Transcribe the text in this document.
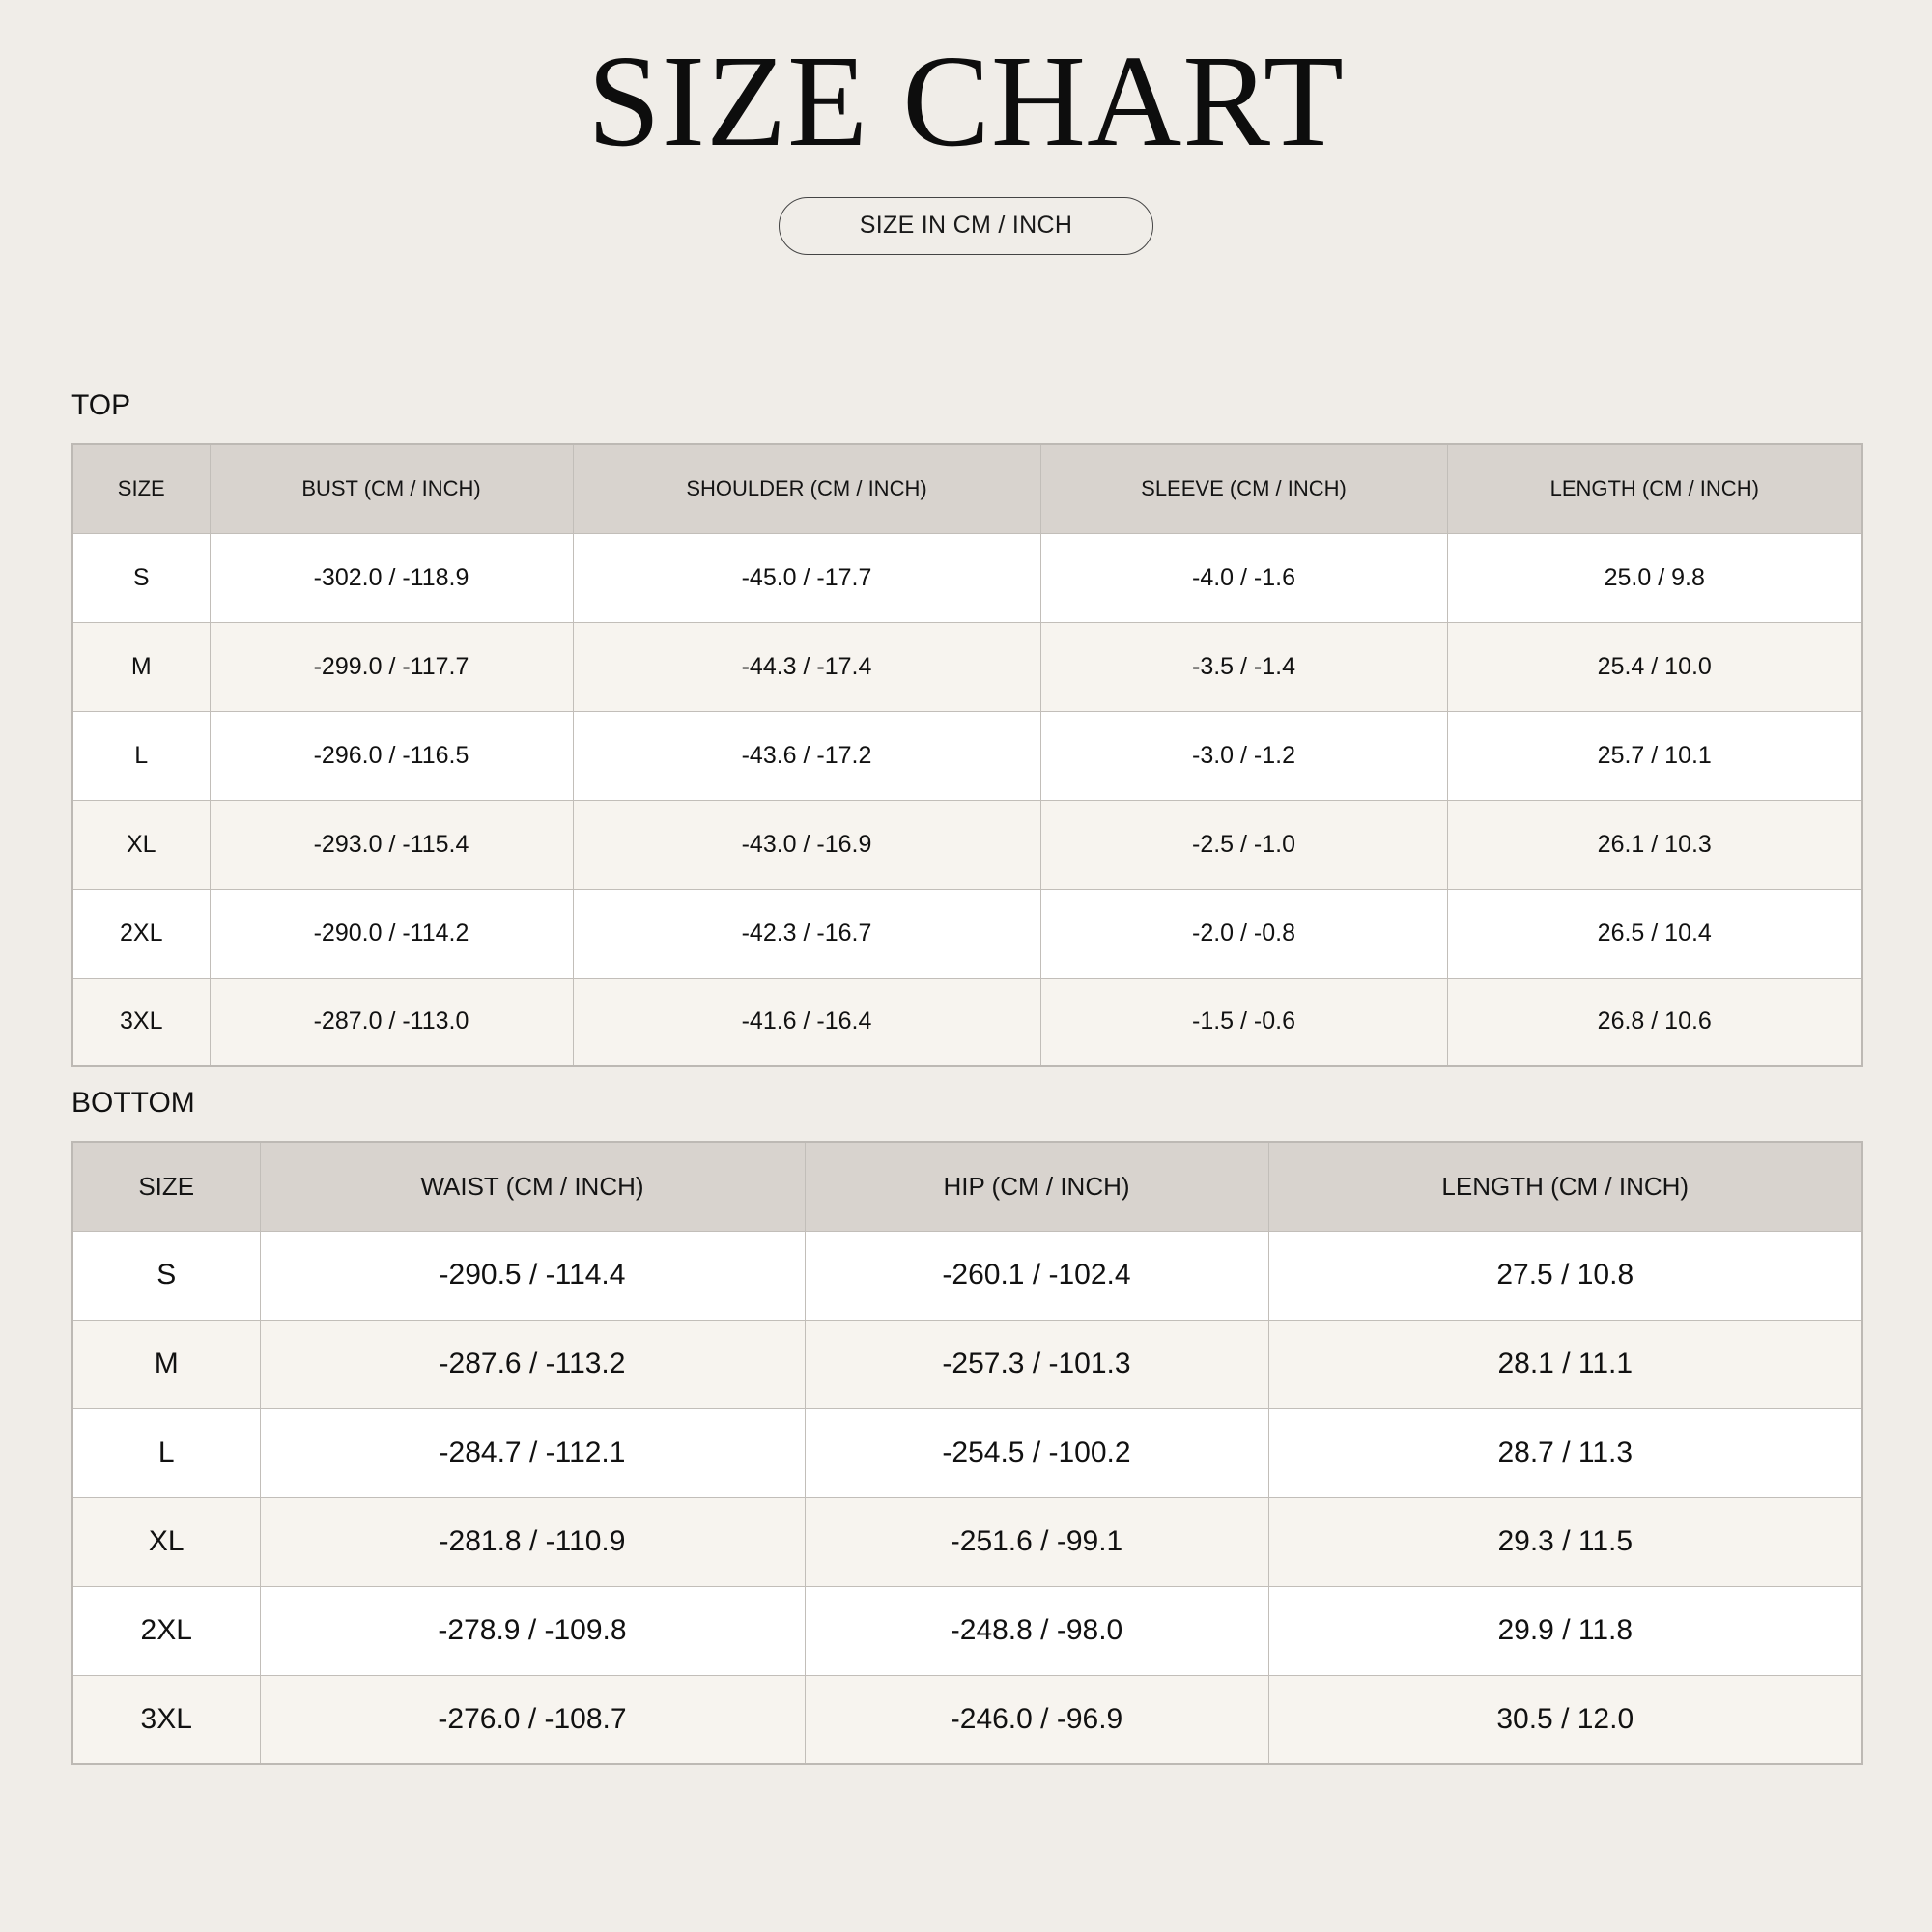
SIZE CHART
SIZE IN CM / INCH
TOP
SIZE	BUST (CM / INCH)	SHOULDER (CM / INCH)	SLEEVE (CM / INCH)	LENGTH (CM / INCH)
S	-302.0 / -118.9	-45.0 / -17.7	-4.0 / -1.6	25.0 / 9.8
M	-299.0 / -117.7	-44.3 / -17.4	-3.5 / -1.4	25.4 / 10.0
L	-296.0 / -116.5	-43.6 / -17.2	-3.0 / -1.2	25.7 / 10.1
XL	-293.0 / -115.4	-43.0 / -16.9	-2.5 / -1.0	26.1 / 10.3
2XL	-290.0 / -114.2	-42.3 / -16.7	-2.0 / -0.8	26.5 / 10.4
3XL	-287.0 / -113.0	-41.6 / -16.4	-1.5 / -0.6	26.8 / 10.6
BOTTOM
SIZE	WAIST (CM / INCH)	HIP (CM / INCH)	LENGTH (CM / INCH)
S	-290.5 / -114.4	-260.1 / -102.4	27.5 / 10.8
M	-287.6 / -113.2	-257.3 / -101.3	28.1 / 11.1
L	-284.7 / -112.1	-254.5 / -100.2	28.7 / 11.3
XL	-281.8 / -110.9	-251.6 / -99.1	29.3 / 11.5
2XL	-278.9 / -109.8	-248.8 / -98.0	29.9 / 11.8
3XL	-276.0 / -108.7	-246.0 / -96.9	30.5 / 12.0
